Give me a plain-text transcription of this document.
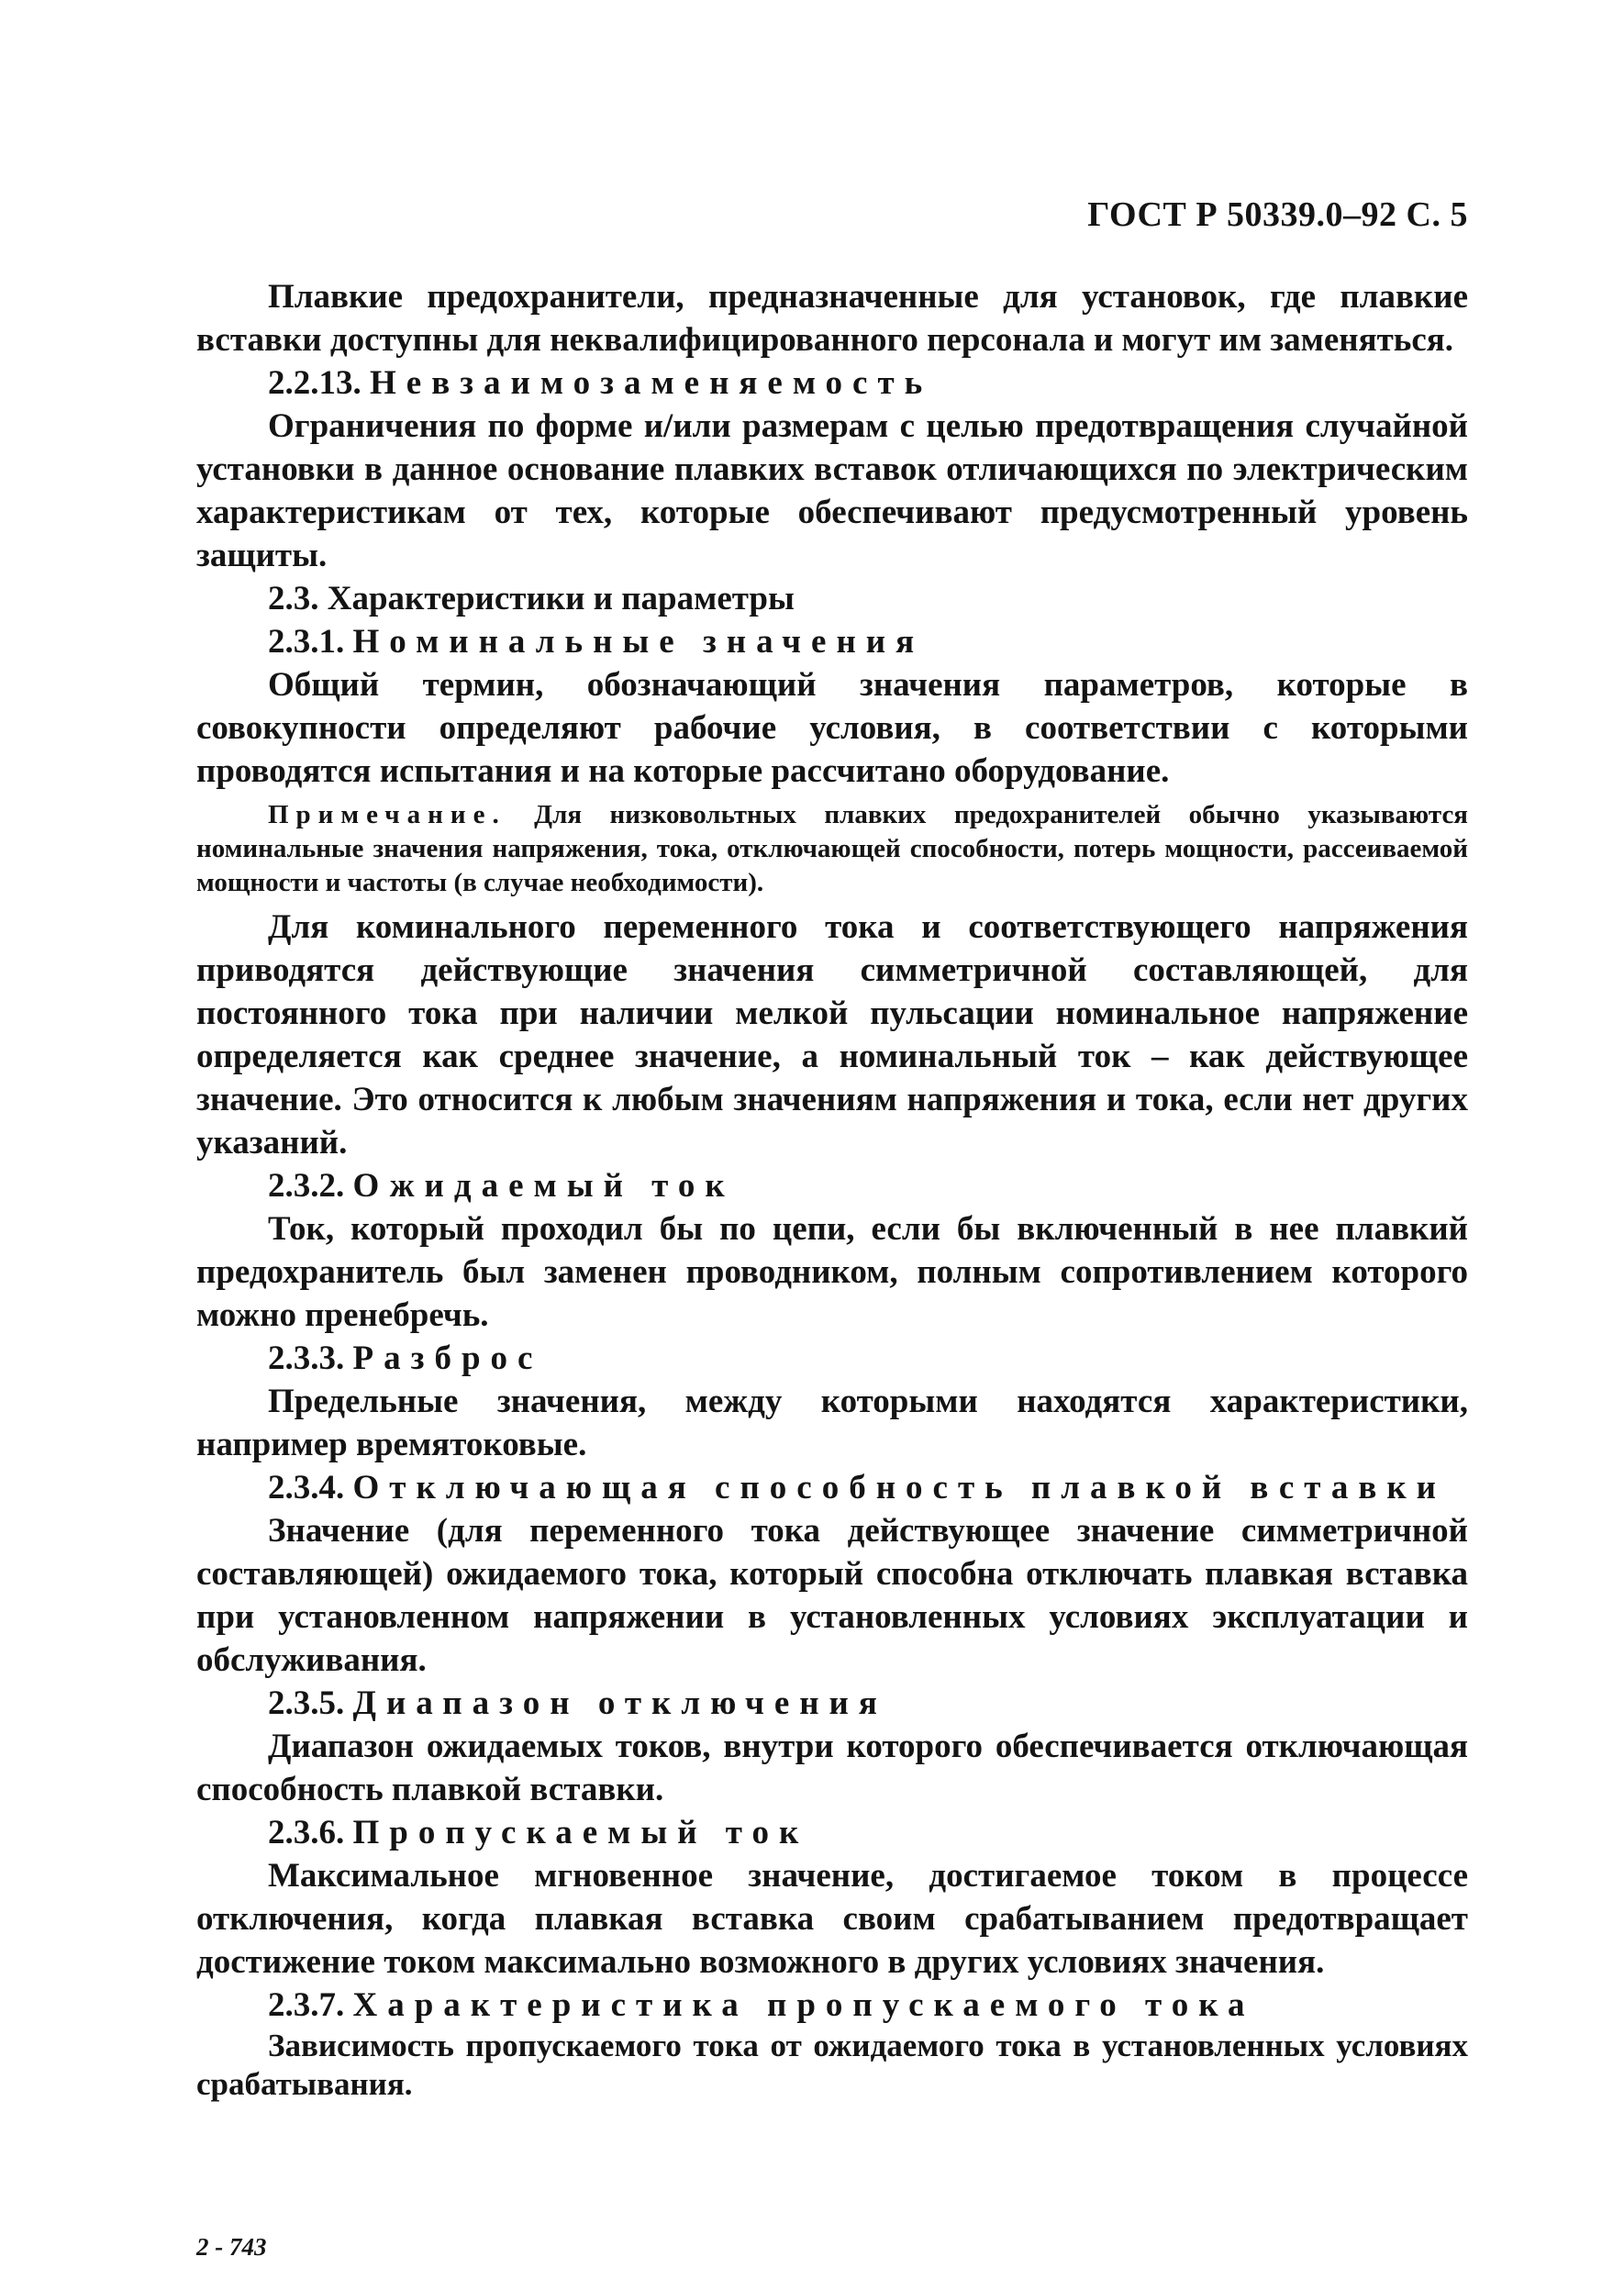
ГОСТ Р 50339.0–92 С. 5

Плавкие предохранители, предназначенные для установок, где плавкие вставки доступны для неквалифицированного персонала и могут им заменяться.

2.2.13. Невзаимозаменяемость

Ограничения по форме и/или размерам с целью предотвращения случайной установки в данное основание плавких вставок отличающихся по электрическим характеристикам от тех, которые обеспечивают предусмотренный уровень защиты.

2.3. Характеристики и параметры

2.3.1. Номинальные значения

Общий термин, обозначающий значения параметров, которые в совокупности определяют рабочие условия, в соответствии с которыми проводятся испытания и на которые рассчитано оборудование.

Примечание. Для низковольтных плавких предохранителей обычно указываются номинальные значения напряжения, тока, отключающей способности, потерь мощности, рассеиваемой мощности и частоты (в случае необходимости).

Для коминального переменного тока и соответствующего напряжения приводятся действующие значения симметричной составляющей, для постоянного тока при наличии мелкой пульсации номинальное напряжение определяется как среднее значение, а номинальный ток – как действующее значение. Это относится к любым значениям напряжения и тока, если нет других указаний.

2.3.2. Ожидаемый ток

Ток, который проходил бы по цепи, если бы включенный в нее плавкий предохранитель был заменен проводником, полным сопротивлением которого можно пренебречь.

2.3.3. Разброс

Предельные значения, между которыми находятся характеристики, например времятоковые.

2.3.4. Отключающая способность плавкой вставки

Значение (для переменного тока действующее значение симметричной составляющей) ожидаемого тока, который способна отключать плавкая вставка при установленном напряжении в установленных условиях эксплуатации и обслуживания.

2.3.5. Диапазон отключения

Диапазон ожидаемых токов, внутри которого обеспечивается отключающая способность плавкой вставки.

2.3.6. Пропускаемый ток

Максимальное мгновенное значение, достигаемое током в процессе отключения, когда плавкая вставка своим срабатыванием предотвращает достижение током максимально возможного в других условиях значения.

2.3.7. Характеристика пропускаемого тока

Зависимость пропускаемого тока от ожидаемого тока в установленных условиях срабатывания.

2 - 743
